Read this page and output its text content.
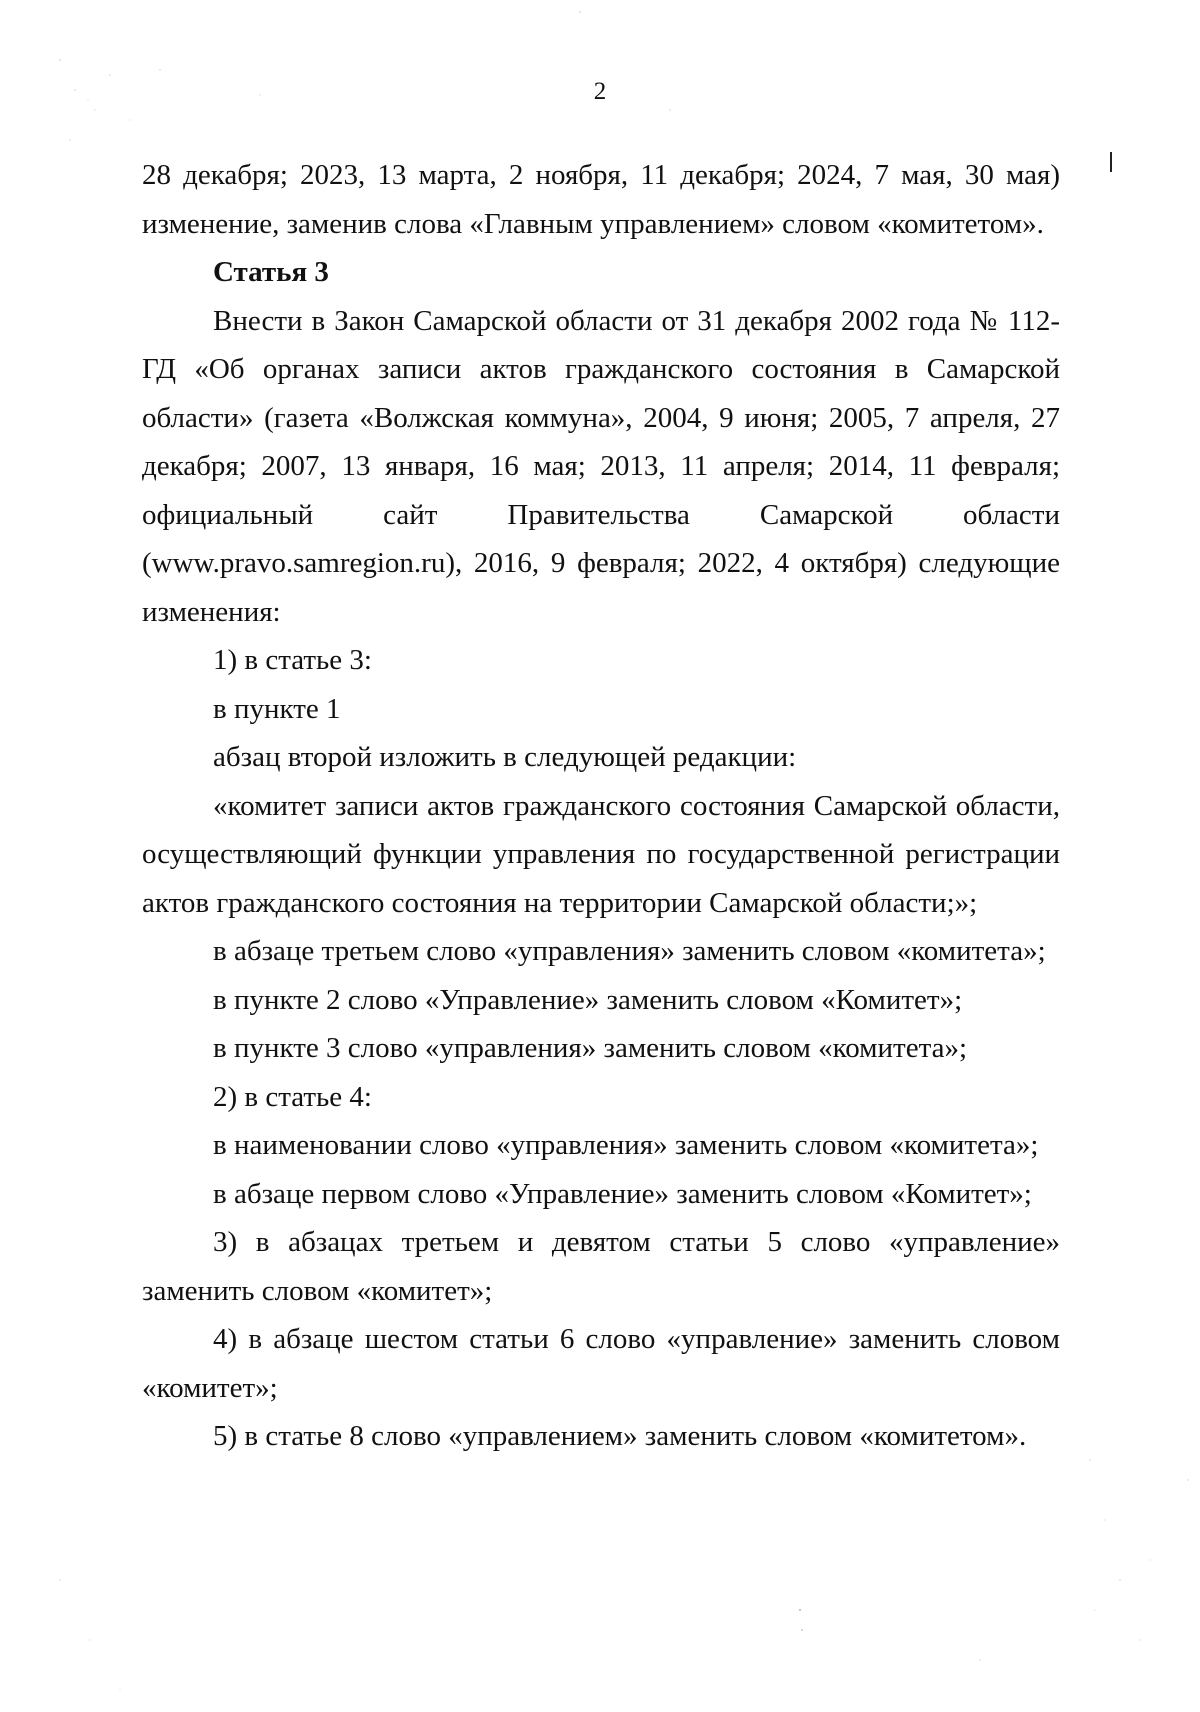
2

28 декабря; 2023, 13 марта, 2 ноября, 11 декабря; 2024, 7 мая, 30 мая) изменение, заменив слова «Главным управлением» словом «комитетом».

Статья 3

Внести в Закон Самарской области от 31 декабря 2002 года № 112-ГД «Об органах записи актов гражданского состояния в Самарской области» (газета «Волжская коммуна», 2004, 9 июня; 2005, 7 апреля, 27 декабря; 2007, 13 января, 16 мая; 2013, 11 апреля; 2014, 11 февраля; официальный сайт Правительства Самарской области (www.pravo.samregion.ru), 2016, 9 февраля; 2022, 4 октября) следующие изменения:

1) в статье 3:

в пункте 1

абзац второй изложить в следующей редакции:

«комитет записи актов гражданского состояния Самарской области, осуществляющий функции управления по государственной регистрации актов гражданского состояния на территории Самарской области;»;

в абзаце третьем слово «управления» заменить словом «комитета»;

в пункте 2 слово «Управление» заменить словом «Комитет»;

в пункте 3 слово «управления» заменить словом «комитета»;

2) в статье 4:

в наименовании слово «управления» заменить словом «комитета»;

в абзаце первом слово «Управление» заменить словом «Комитет»;

3) в абзацах третьем и девятом статьи 5 слово «управление» заменить словом «комитет»;

4) в абзаце шестом статьи 6 слово «управление» заменить словом «комитет»;

5) в статье 8 слово «управлением» заменить словом «комитетом».
